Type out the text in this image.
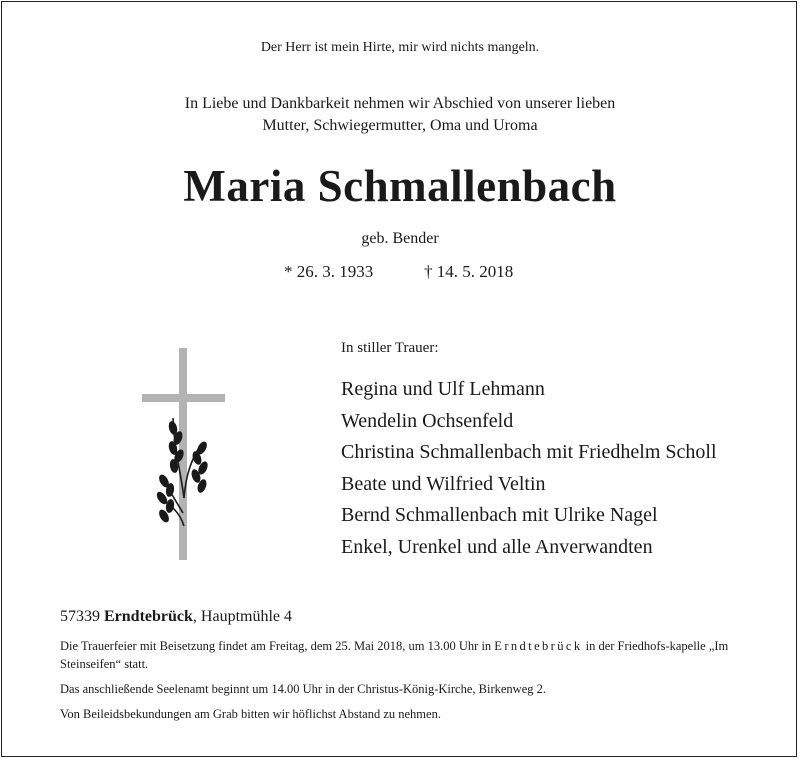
Der Herr ist mein Hirte, mir wird nichts mangeln.
In Liebe und Dankbarkeit nehmen wir Abschied von unserer lieben
Mutter, Schwiegermutter, Oma und Uroma
Maria Schmallenbach
geb. Bender
* 26. 3. 1933	† 14. 5. 2018
In stiller Trauer:
Regina und Ulf Lehmann
Wendelin Ochsenfeld
Christina Schmallenbach mit Friedhelm Scholl
Beate und Wilfried Veltin
Bernd Schmallenbach mit Ulrike Nagel
Enkel, Urenkel und alle Anverwandten
57339 Erndtebrück, Hauptmühle 4

Die Trauerfeier mit Beisetzung findet am Freitag, dem 25. Mai 2018, um 13.00 Uhr in Erndtebrück in der Friedhofs-kapelle „Im Steinseifen“ statt.

Das anschließende Seelenamt beginnt um 14.00 Uhr in der Christus-König-Kirche, Birkenweg 2.

Von Beileidsbekundungen am Grab bitten wir höflichst Abstand zu nehmen.
